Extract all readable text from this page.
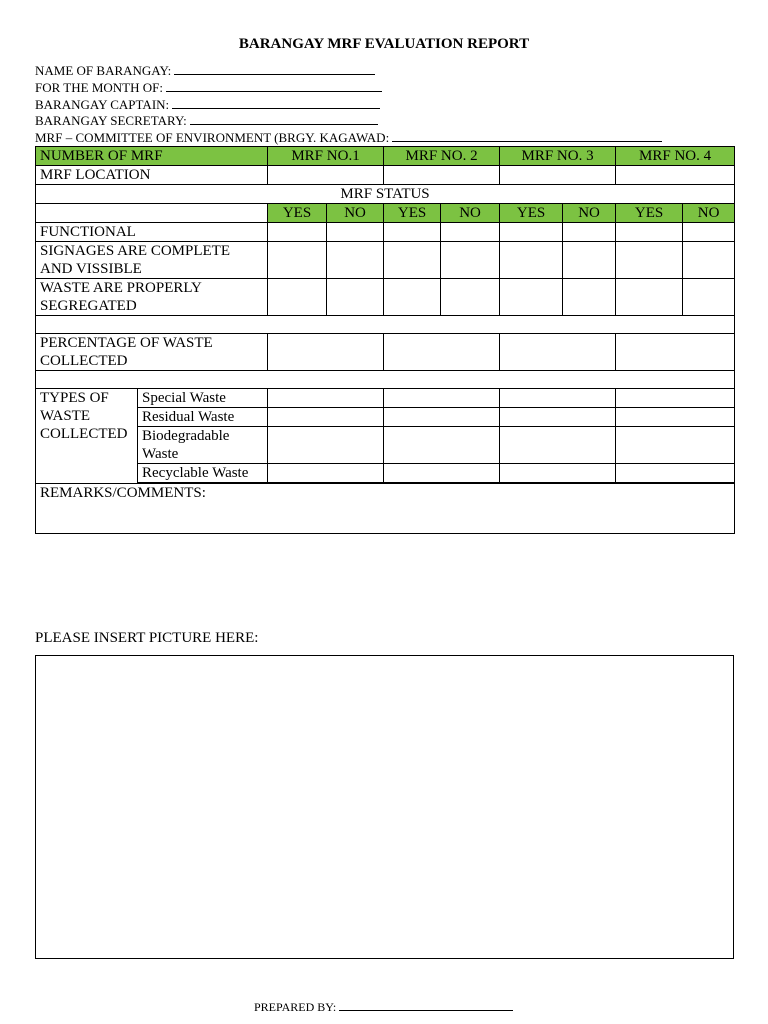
BARANGAY MRF EVALUATION REPORT
NAME OF BARANGAY:
FOR THE MONTH OF:
BARANGAY CAPTAIN:
BARANGAY SECRETARY:
MRF – COMMITTEE OF ENVIRONMENT (BRGY. KAGAWAD:
NUMBER OF MRF		MRF NO.1		MRF NO. 2		MRF NO. 3		MRF NO. 4	
MRF LOCATION									
MRF STATUS									
		YES	NO	YES	NO	YES	NO	YES	NO
FUNCTIONAL									
SIGNAGES ARE COMPLETE AND VISSIBLE									
WASTE ARE PROPERLY SEGREGATED									

PERCENTAGE OF WASTE COLLECTED									

TYPES OF WASTE COLLECTED	Special Waste								
	Residual Waste								
	Biodegradable Waste								
	Recyclable Waste								

REMARKS/COMMENTS:									
PLEASE INSERT PICTURE HERE:
PREPARED BY:
